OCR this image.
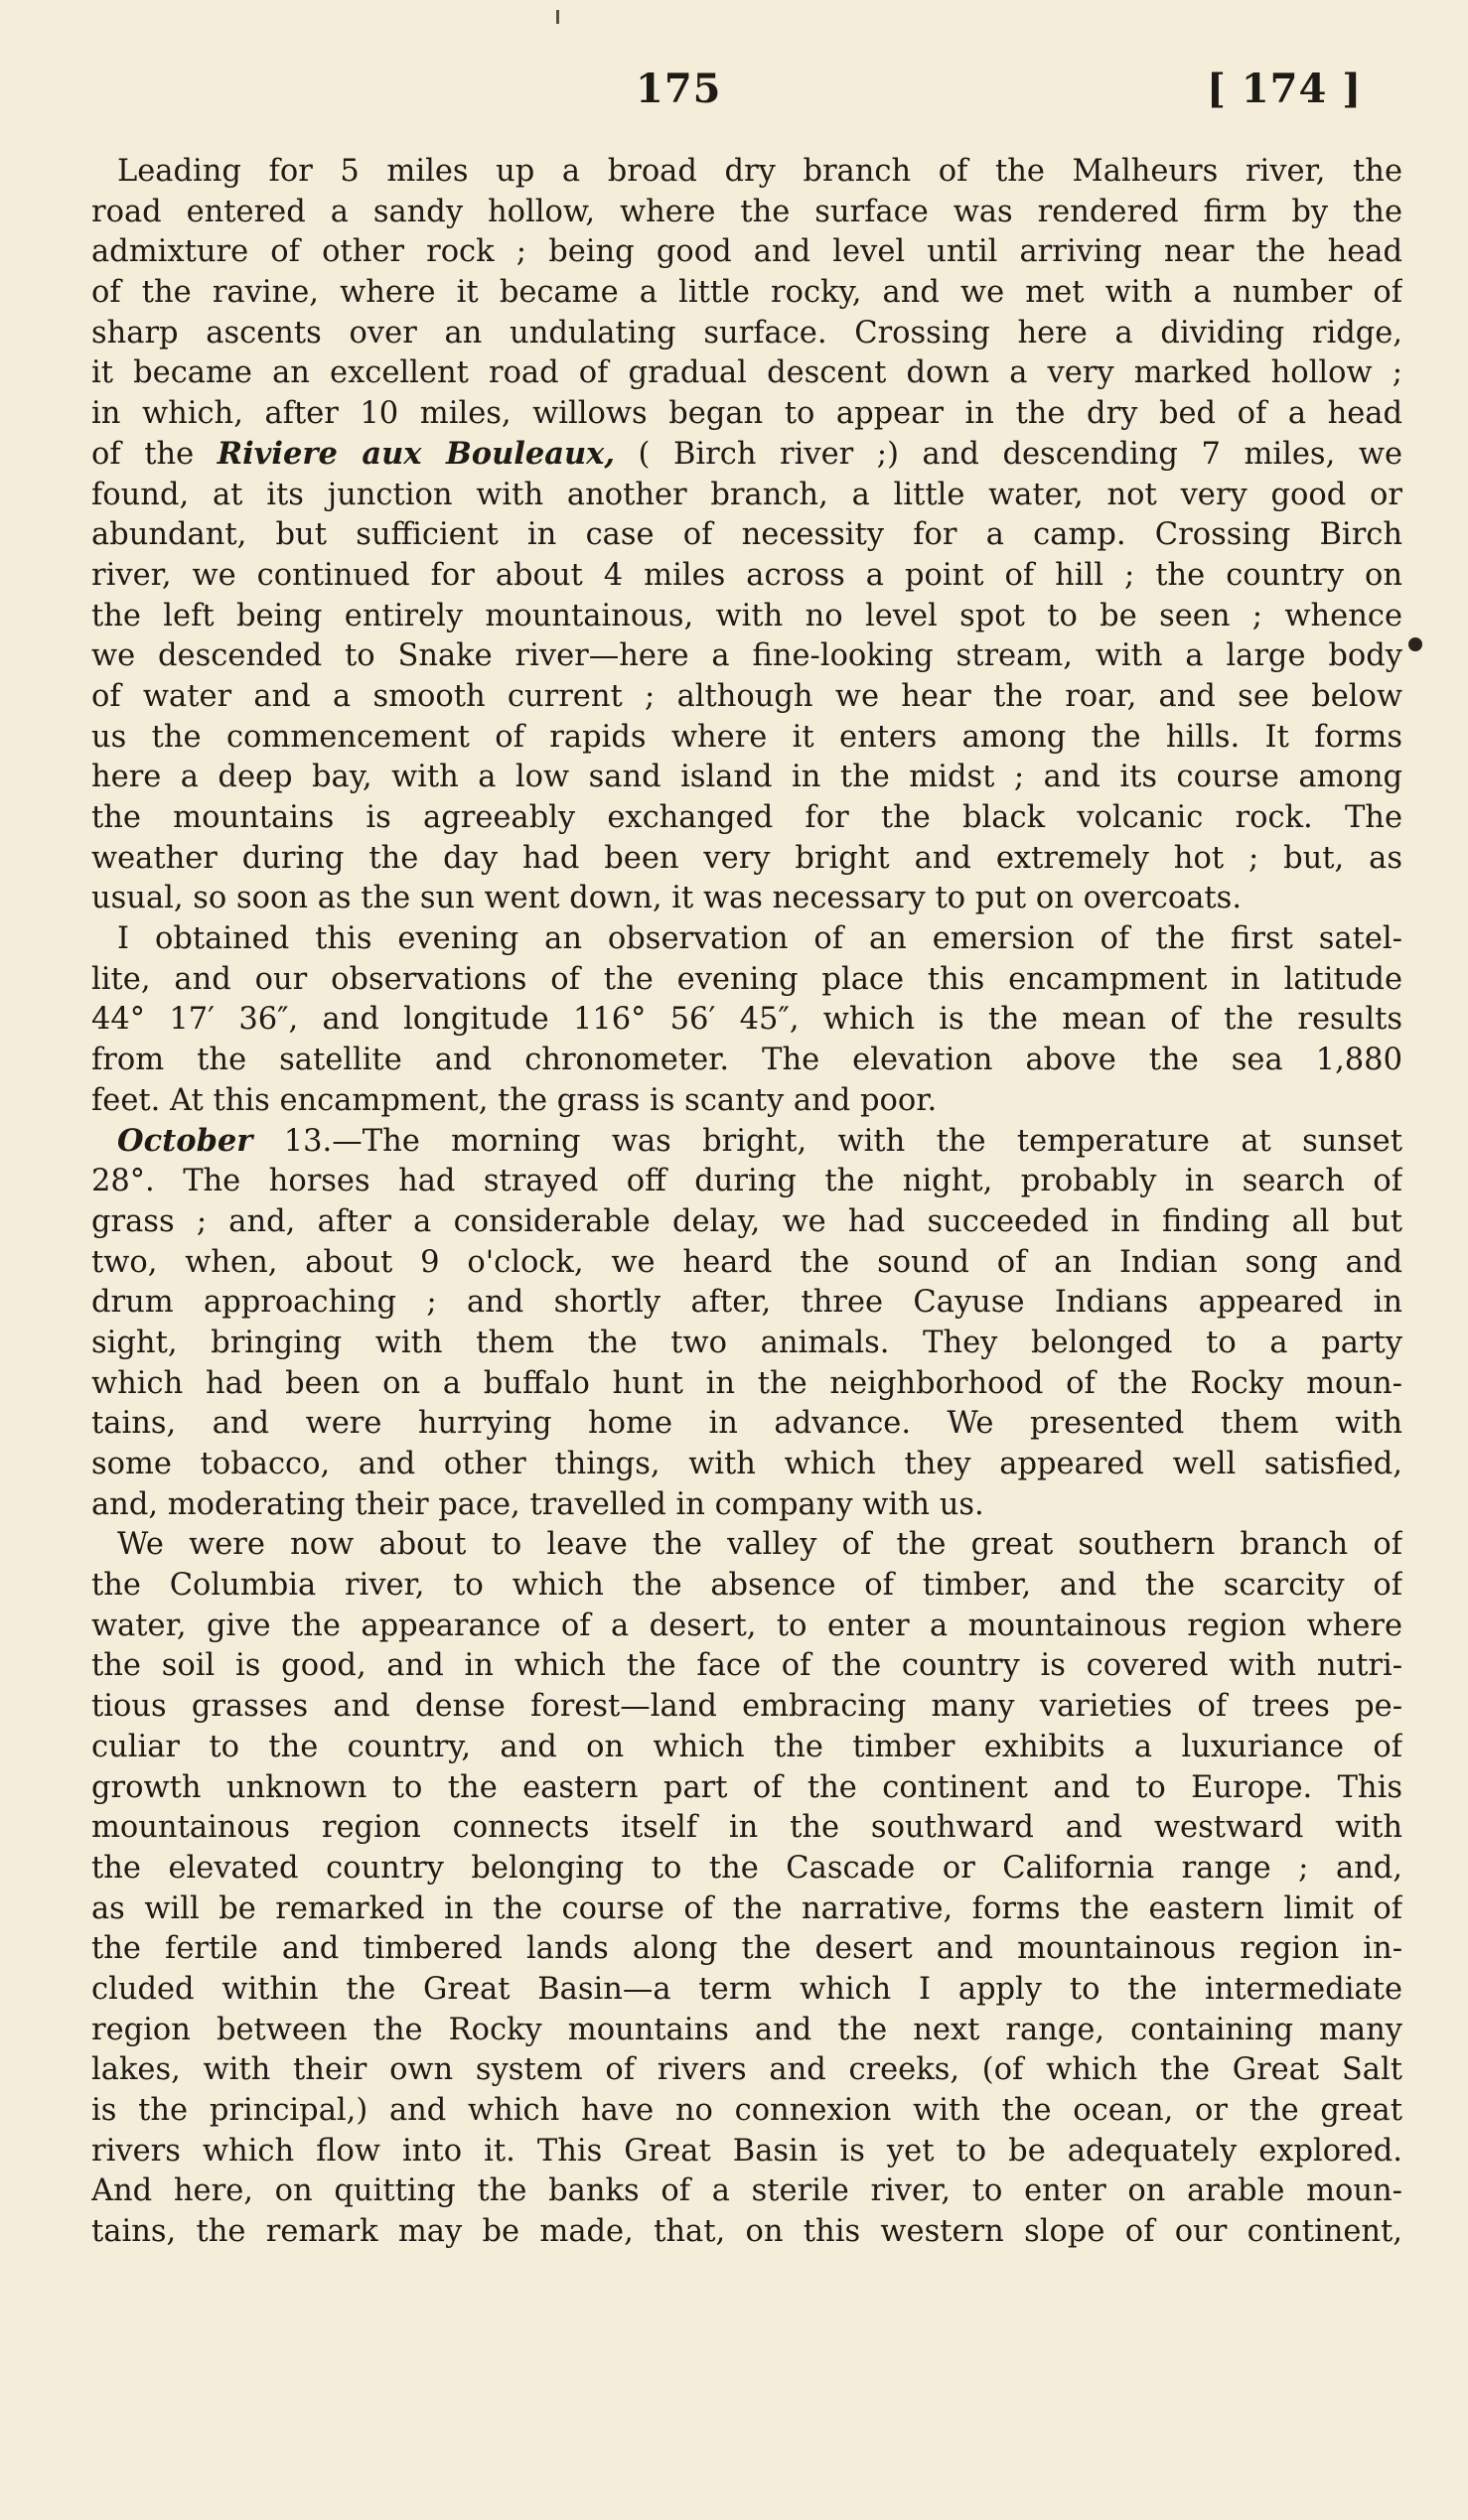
175	[ 174 ]
Leading for 5 miles up a broad dry branch of the Malheurs river, the
road entered a sandy hollow, where the surface was rendered firm by the
admixture of other rock ; being good and level until arriving near the head
of the ravine, where it became a little rocky, and we met with a number of
sharp ascents over an undulating surface. Crossing here a dividing ridge,
it became an excellent road of gradual descent down a very marked hollow ;
in which, after 10 miles, willows began to appear in the dry bed of a head
of the Riviere aux Bouleaux, ( Birch river ;) and descending 7 miles, we
found, at its junction with another branch, a little water, not very good or
abundant, but sufficient in case of necessity for a camp. Crossing Birch
river, we continued for about 4 miles across a point of hill ; the country on
the left being entirely mountainous, with no level spot to be seen ; whence
we descended to Snake river—here a fine-looking stream, with a large body
of water and a smooth current ; although we hear the roar, and see below
us the commencement of rapids where it enters among the hills. It forms
here a deep bay, with a low sand island in the midst ; and its course among
the mountains is agreeably exchanged for the black volcanic rock. The
weather during the day had been very bright and extremely hot ; but, as
usual, so soon as the sun went down, it was necessary to put on overcoats.
I obtained this evening an observation of an emersion of the first satel-
lite, and our observations of the evening place this encampment in latitude
44° 17′ 36″, and longitude 116° 56′ 45″, which is the mean of the results
from the satellite and chronometer. The elevation above the sea 1,880
feet. At this encampment, the grass is scanty and poor.
October 13.—The morning was bright, with the temperature at sunset
28°. The horses had strayed off during the night, probably in search of
grass ; and, after a considerable delay, we had succeeded in finding all but
two, when, about 9 o'clock, we heard the sound of an Indian song and
drum approaching ; and shortly after, three Cayuse Indians appeared in
sight, bringing with them the two animals. They belonged to a party
which had been on a buffalo hunt in the neighborhood of the Rocky moun-
tains, and were hurrying home in advance. We presented them with
some tobacco, and other things, with which they appeared well satisfied,
and, moderating their pace, travelled in company with us.
We were now about to leave the valley of the great southern branch of
the Columbia river, to which the absence of timber, and the scarcity of
water, give the appearance of a desert, to enter a mountainous region where
the soil is good, and in which the face of the country is covered with nutri-
tious grasses and dense forest—land embracing many varieties of trees pe-
culiar to the country, and on which the timber exhibits a luxuriance of
growth unknown to the eastern part of the continent and to Europe. This
mountainous region connects itself in the southward and westward with
the elevated country belonging to the Cascade or California range ; and,
as will be remarked in the course of the narrative, forms the eastern limit of
the fertile and timbered lands along the desert and mountainous region in-
cluded within the Great Basin—a term which I apply to the intermediate
region between the Rocky mountains and the next range, containing many
lakes, with their own system of rivers and creeks, (of which the Great Salt
is the principal,) and which have no connexion with the ocean, or the great
rivers which flow into it. This Great Basin is yet to be adequately explored.
And here, on quitting the banks of a sterile river, to enter on arable moun-
tains, the remark may be made, that, on this western slope of our continent,
